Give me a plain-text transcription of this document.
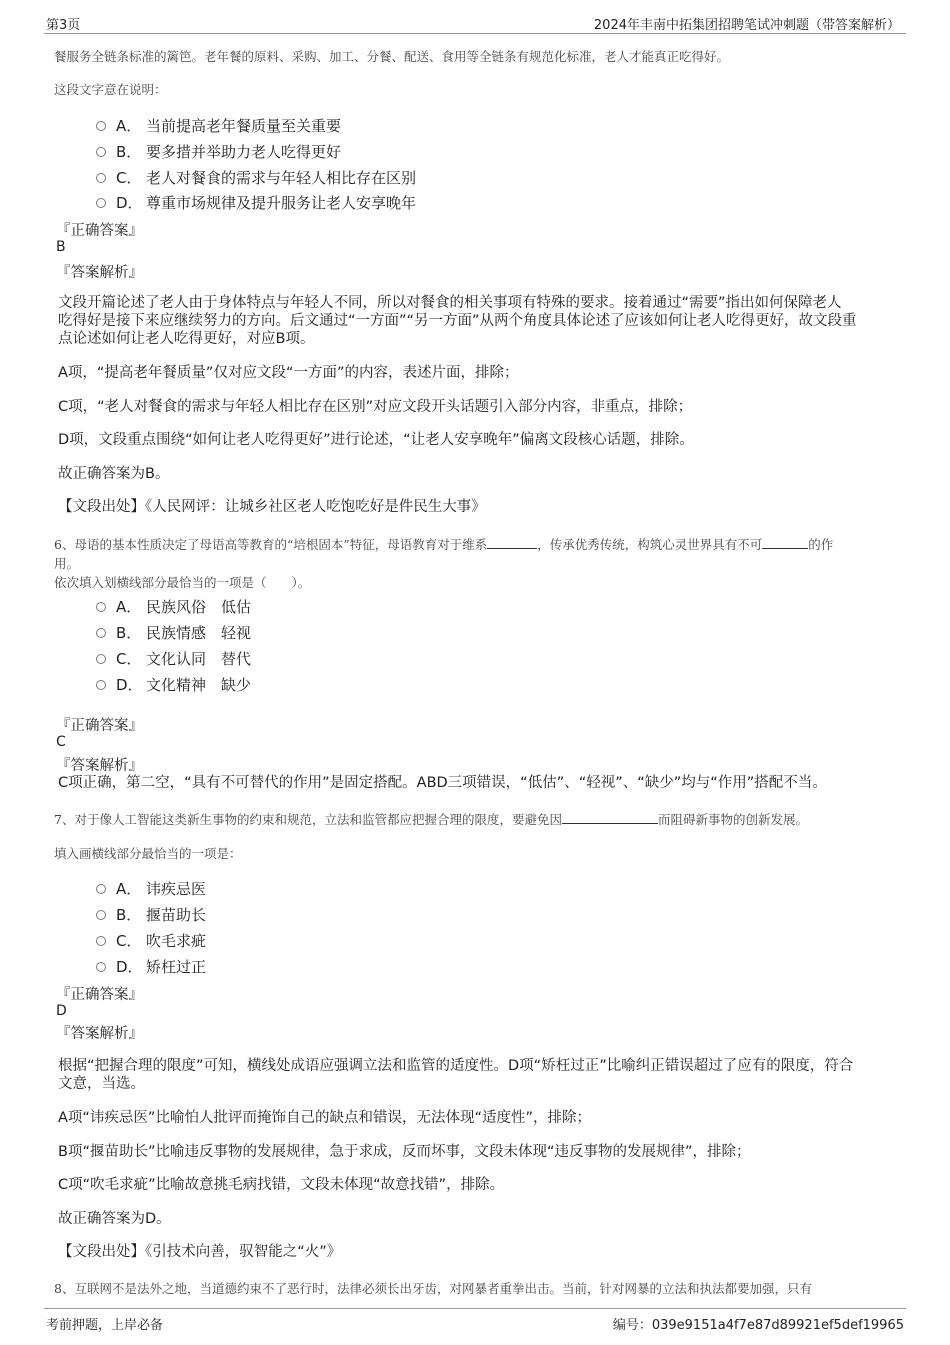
第3页	2024年丰南中拓集团招聘笔试冲刺题（带答案解析）
餐服务全链条标准的篱笆。老年餐的原料、采购、加工、分餐、配送、食用等全链条有规范化标准，老人才能真正吃得好。
这段文字意在说明：
A． 当前提高老年餐质量至关重要
B． 要多措并举助力老人吃得更好
C． 老人对餐食的需求与年轻人相比存在区别
D． 尊重市场规律及提升服务让老人安享晚年
『正确答案』
B
『答案解析』
文段开篇论述了老人由于身体特点与年轻人不同，所以对餐食的相关事项有特殊的要求。接着通过“需要”指出如何保障老人
吃得好是接下来应继续努力的方向。后文通过“一方面”“另一方面”从两个角度具体论述了应该如何让老人吃得更好，故文段重
点论述如何让老人吃得更好，对应B项。
A项，“提高老年餐质量”仅对应文段“一方面”的内容，表述片面，排除；
C项，“老人对餐食的需求与年轻人相比存在区别”对应文段开头话题引入部分内容，非重点，排除；
D项，文段重点围绕“如何让老人吃得更好”进行论述，“让老人安享晚年”偏离文段核心话题，排除。
故正确答案为B。
【文段出处】《人民网评：让城乡社区老人吃饱吃好是件民生大事》
6、母语的基本性质决定了母语高等教育的“培根固本”特征，母语教育对于维系	，传承优秀传统，构筑心灵世界具有不可	的作
用。
依次填入划横线部分最恰当的一项是（　　）。
A． 民族风俗　低估
B． 民族情感　轻视
C． 文化认同　替代
D． 文化精神　缺少
『正确答案』
C
『答案解析』
C项正确，第二空，“具有不可替代的作用”是固定搭配。ABD三项错误，“低估”、“轻视”、“缺少”均与“作用”搭配不当。
7、对于像人工智能这类新生事物的约束和规范，立法和监管都应把握合理的限度，要避免因	而阻碍新事物的创新发展。
填入画横线部分最恰当的一项是：
A． 讳疾忌医
B． 揠苗助长
C． 吹毛求疵
D． 矫枉过正
『正确答案』
D
『答案解析』
根据“把握合理的限度”可知，横线处成语应强调立法和监管的适度性。D项“矫枉过正”比喻纠正错误超过了应有的限度，符合
文意，当选。
A项“讳疾忌医”比喻怕人批评而掩饰自己的缺点和错误，无法体现“适度性”，排除；
B项“揠苗助长”比喻违反事物的发展规律，急于求成，反而坏事，文段未体现“违反事物的发展规律”，排除；
C项“吹毛求疵”比喻故意挑毛病找错，文段未体现“故意找错”，排除。
故正确答案为D。
【文段出处】《引技术向善，驭智能之“火”》
8、互联网不是法外之地，当道德约束不了恶行时，法律必须长出牙齿，对网暴者重拳出击。当前，针对网暴的立法和执法都要加强，只有
考前押题，上岸必备	编号：039e9151a4f7e87d89921ef5def19965
